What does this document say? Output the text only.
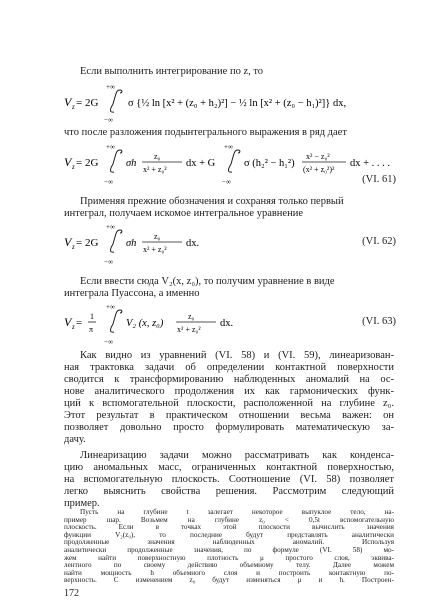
Если выполнить интегрирование по z, то
V z = 2G
+∞
−∞
σ {½ ln [x² + (z₀ + h₂)²] − ½ ln [x² + (z₀ − h₁)²]} dx,
что после разложения подынтегрального выражения в ряд дает
V z = 2G
+∞
−∞
σh
z₀
x² + z₀²
dx + G
+∞
−∞
σ (h₂² − h₁²)
x² − z₀²
(x² + z₀²)²
dx + . . . .
(VI. 61)
Применяя прежние обозначения и сохраняя только первый
интеграл, получаем искомое интегральное уравнение
V z = 2G
+∞
−∞
σh
z₀
x² + z₀²
dx.	(VI. 62)
Если ввести сюда V₂(x, z₀), то получим уравнение в виде
интеграла Пуассона, а именно
V z =
1
π
+∞
−∞
V₂ (x, z₀)
z₀
x² + z₀²
dx.	(VI. 63)
Как видно из уравнений (VI. 58) и (VI. 59), линеаризован-
ная трактовка задачи об определении контактной поверхности
сводится к трансформированию наблюденных аномалий на ос-
нове аналитического продолжения их как гармонических функ-
ций к вспомогательной плоскости, расположенной на глубине z₀.
Этот результат в практическом отношении весьма важен: он
позволяет довольно просто формулировать математическую за-
дачу.
Линеаризацию задачи можно рассматривать как конденса-
цию аномальных масс, ограниченных контактной поверхностью,
на вспомогательную плоскость. Соотношение (VI. 58) позволяет
легко выяснить свойства решения. Рассмотрим следующий
пример.
Пусть на глубине t залегает некоторое выпуклое тело, на-
пример шар. Возьмем на глубине z₀ < 0,5t вспомогательную
плоскость. Если в точках этой плоскости вычислить значения
функции V₂(z₀), то последние будут представлять аналитически
продолженные значения наблюденных аномалий. Используя
аналитически продолженные значения, по формуле (VI. 58) мо-
жем найти поверхностную плотность μ простого слоя, эквива-
лентного по своему действию объемному телу. Далее можем
найти мощность h объемного слоя и построить контактную по-
верхность. С изменением z₀ будут изменяться μ и h. Построен-
172
